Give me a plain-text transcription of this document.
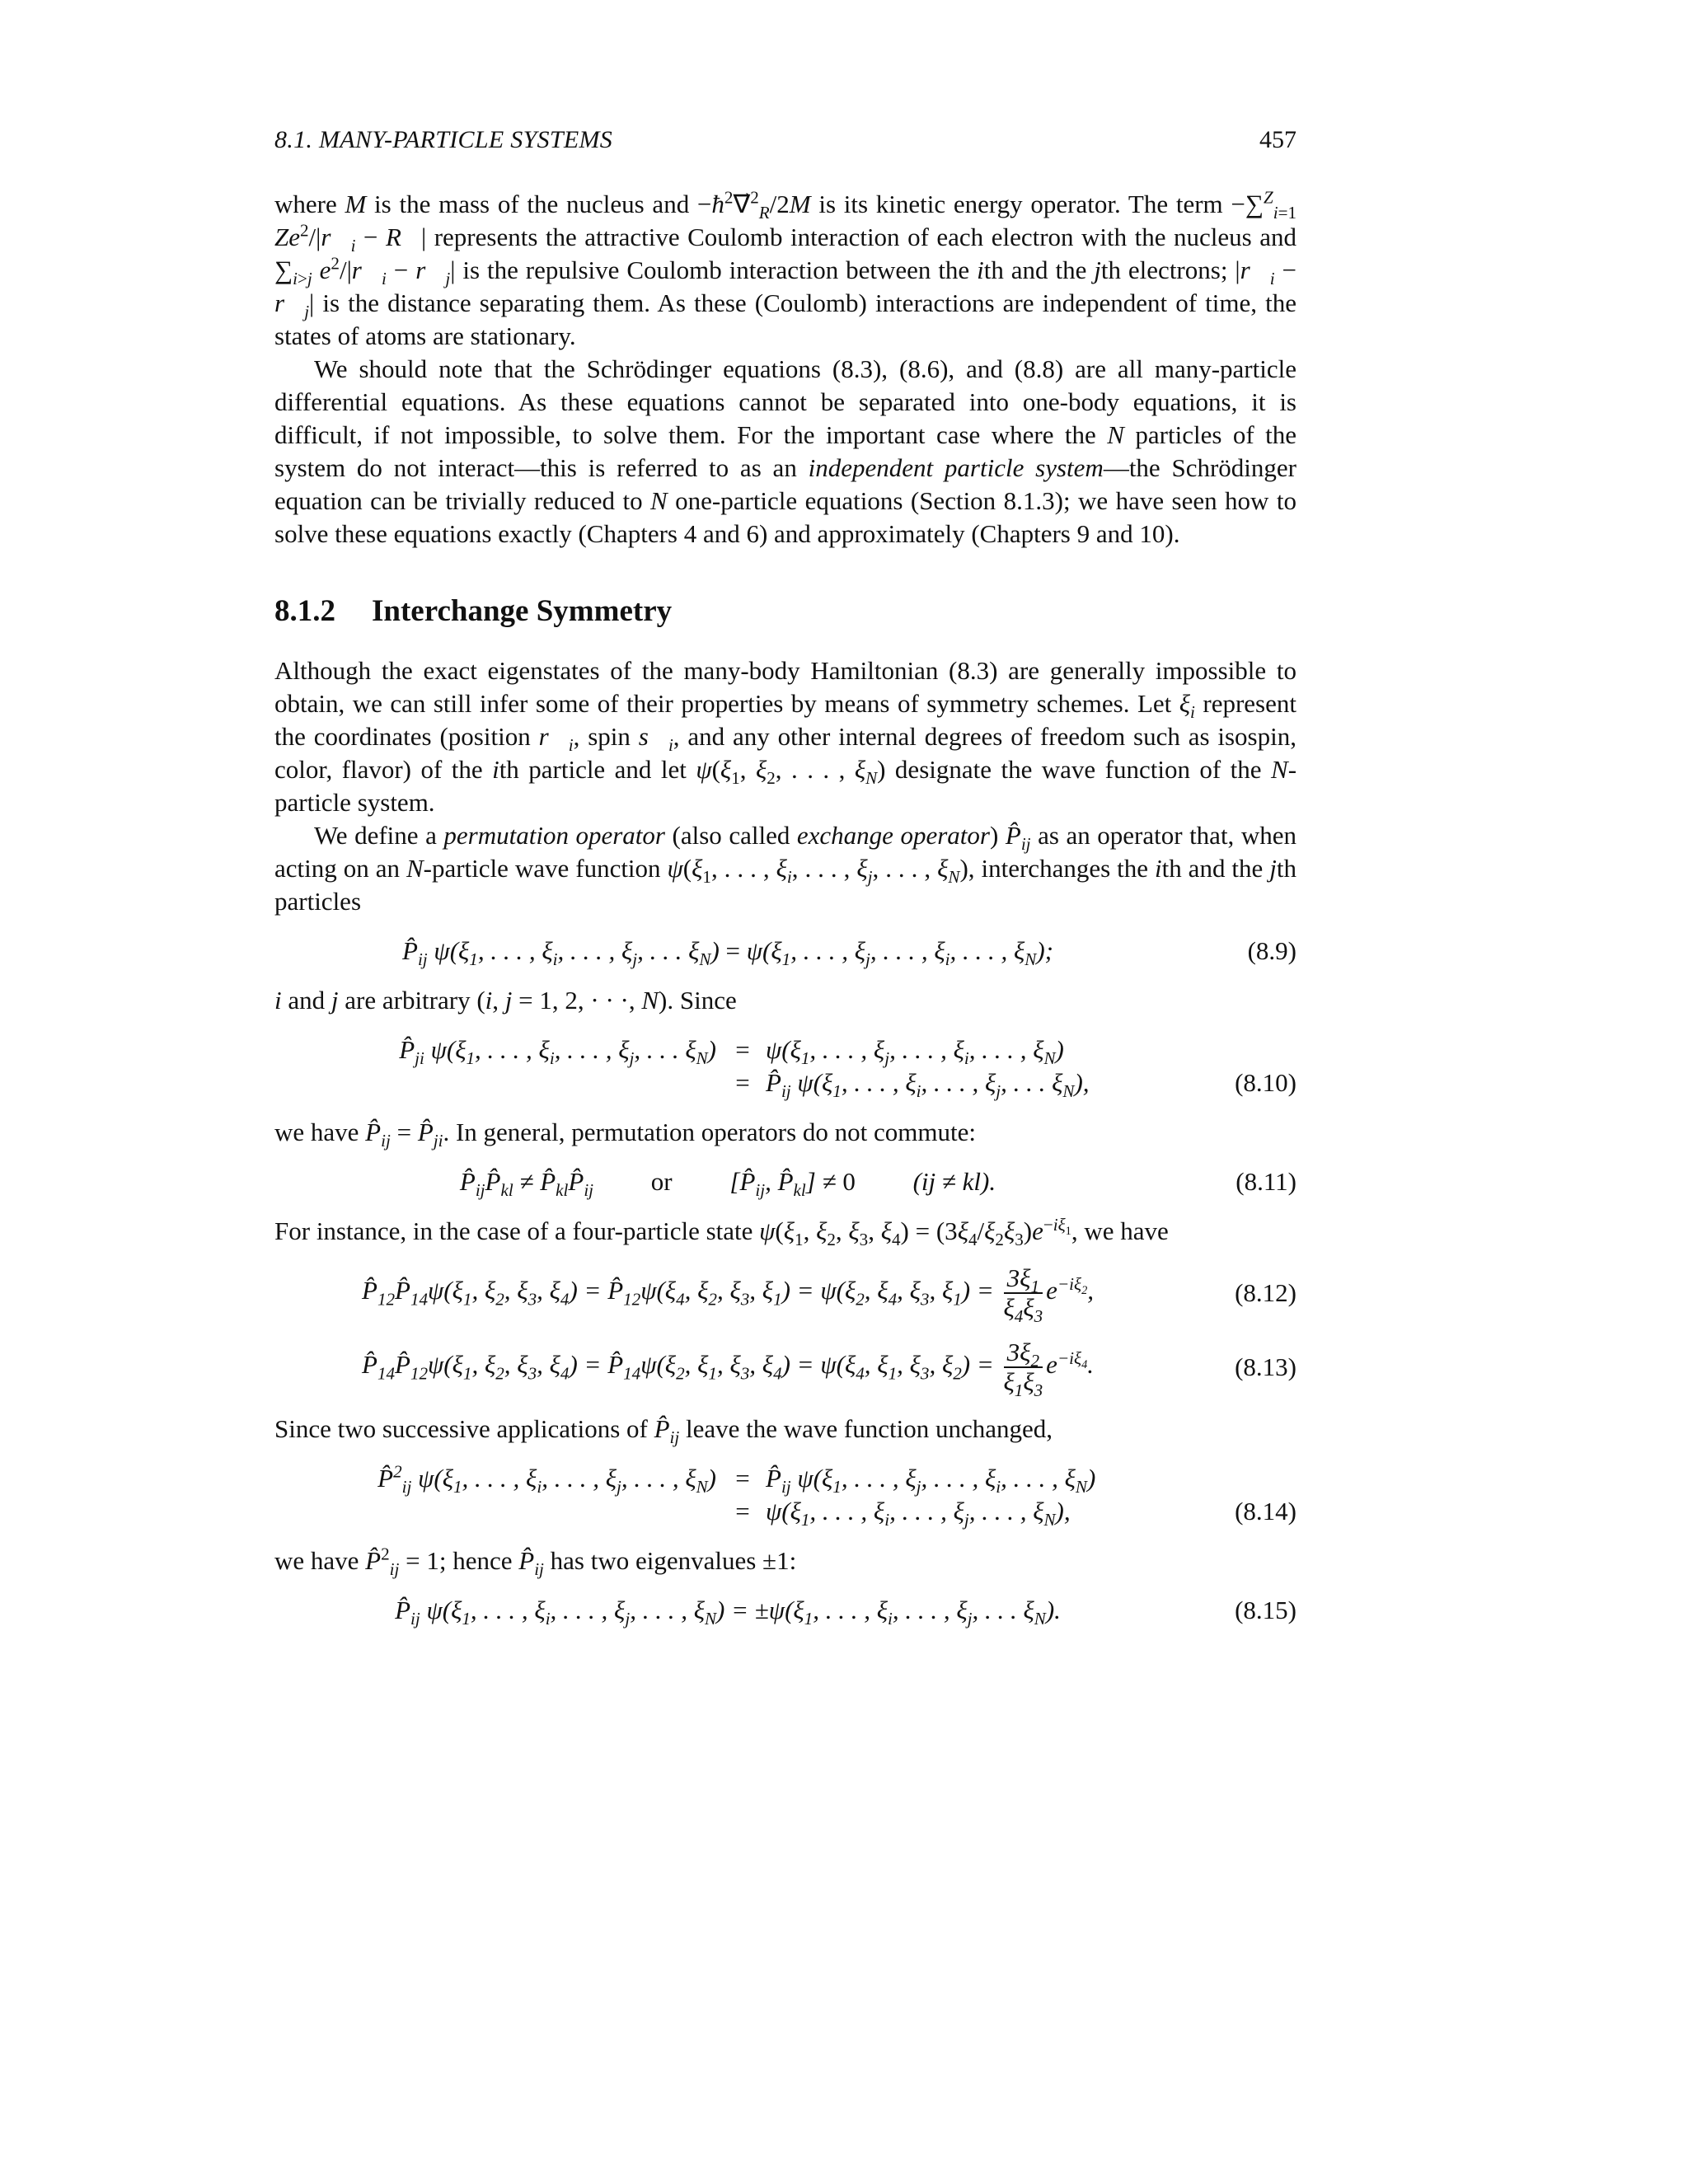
8.1. MANY-PARTICLE SYSTEMS	457

where M is the mass of the nucleus and $-ħ^2\nabla⃗^2_R/2M$ is its kinetic energy operator. The term −∑$^Z_{i=1}$ $Ze^2/|r⃗_i$ − R⃗| represents the attractive Coulomb interaction of each electron with the nucleus and $\sum_{i>j}$ $e^2/|r⃗_i$ − $r⃗_j|$ is the repulsive Coulomb interaction between the ith and the jth electrons; $|r⃗_i$ − $r⃗_j|$ is the distance separating them. As these (Coulomb) interactions are independent of time, the states of atoms are stationary.

We should note that the Schrödinger equations (8.3), (8.6), and (8.8) are all many-particle differential equations. As these equations cannot be separated into one-body equations, it is difficult, if not impossible, to solve them. For the important case where the N particles of the system do not interact—this is referred to as an independent particle system—the Schrödinger equation can be trivially reduced to N one-particle equations (Section 8.1.3); we have seen how to solve these equations exactly (Chapters 4 and 6) and approximately (Chapters 9 and 10).

8.1.2 Interchange Symmetry

Although the exact eigenstates of the many-body Hamiltonian (8.3) are generally impossible to obtain, we can still infer some of their properties by means of symmetry schemes. Let $\xi_i$ represent the coordinates (position $r⃗_i$, spin $s⃗_i$, and any other internal degrees of freedom such as isospin, color, flavor) of the ith particle and let $\psi(\xi_1$, $\xi_2$, . . . , $\xi_N$) designate the wave function of the N-particle system.

We define a permutation operator (also called exchange operator) $P̂_{ij}$ as an operator that, when acting on an N-particle wave function $\psi(\xi_1$, . . . , $\xi_i$, . . . , $\xi_j$, . . . , $\xi_N$), interchanges the ith and the jth particles

$P̂_{ij}$ $\psi(\xi_1$, . . . , $\xi_i$, . . . , $\xi_j$, . . . $\xi_N) = \psi(\xi_1$, . . . , $\xi_j$, . . . , $\xi_i$, . . . , $\xi_N$);	(8.9)

i and j are arbitrary (i, j = 1, 2, · · ·, N). Since

$P̂_{ji}$ $\psi(\xi_1$, . . . , $\xi_i$, . . . , $\xi_j$, . . . $\xi_N) = \psi(\xi_1$, . . . , $\xi_j$, . . . , $\xi_i$, . . . , $\xi_N$)
= $P̂_{ij}$ $\psi(\xi_1$, . . . , $\xi_i$, . . . , $\xi_j$, . . . $\xi_N$),	(8.10)

we have $P̂_{ij}$ = $P̂_{ji}$. In general, permutation operators do not commute:

$P̂_{ij}P̂_{kl}$ ≠ $P̂_{kl}P̂_{ij}$         or         [$P̂_{ij}$, $P̂_{kl}] \ne 0$         (ij ≠ kl).	(8.11)

For instance, in the case of a four-particle state $\psi(\xi_1$, $\xi_2$, $\xi_3$, $\xi_4) = (3\xi_4/\xi_2\xi_3)e^{-i\xi_1}$, we have

$P̂_{12}P̂_{14}\psi(\xi_1$, $\xi_2$, $\xi_3$, $\xi_4$) = $P̂_{12}\psi(\xi_4$, $\xi_2$, $\xi_3$, $\xi_1) = \psi(\xi_2$, $\xi_4$, $\xi_3$, $\xi_1) = \frac{3\xi_1}{\xi_4\xi_3} e^{-i\xi_2}$,	(8.12)
$P̂_{14}P̂_{12}\psi(\xi_1$, $\xi_2$, $\xi_3$, $\xi_4$) = $P̂_{14}\psi(\xi_2$, $\xi_1$, $\xi_3$, $\xi_4) = \psi(\xi_4$, $\xi_1$, $\xi_3$, $\xi_2) = \frac{3\xi_2}{\xi_1\xi_3} e^{-i\xi_4}$.	(8.13)

Since two successive applications of $P̂_{ij}$ leave the wave function unchanged,

P̂$^2_{ij}$ $\psi(\xi_1$, . . . , $\xi_i$, . . . , $\xi_j$, . . . , $\xi_N$) = $P̂_{ij}$ $\psi(\xi_1$, . . . , $\xi_j$, . . . , $\xi_i$, . . . , $\xi_N$)
= $\psi(\xi_1$, . . . , $\xi_i$, . . . , $\xi_j$, . . . , $\xi_N$),	(8.14)

we have P̂$^2_{ij}$ = 1; hence $P̂_{ij}$ has two eigenvalues ±1:

$P̂_{ij}$ $\psi(\xi_1$, . . . , $\xi_i$, . . . , $\xi_j$, . . . , $\xi_N) = \pm\psi(\xi_1$, . . . , $\xi_i$, . . . , $\xi_j$, . . . $\xi_N$).	(8.15)
